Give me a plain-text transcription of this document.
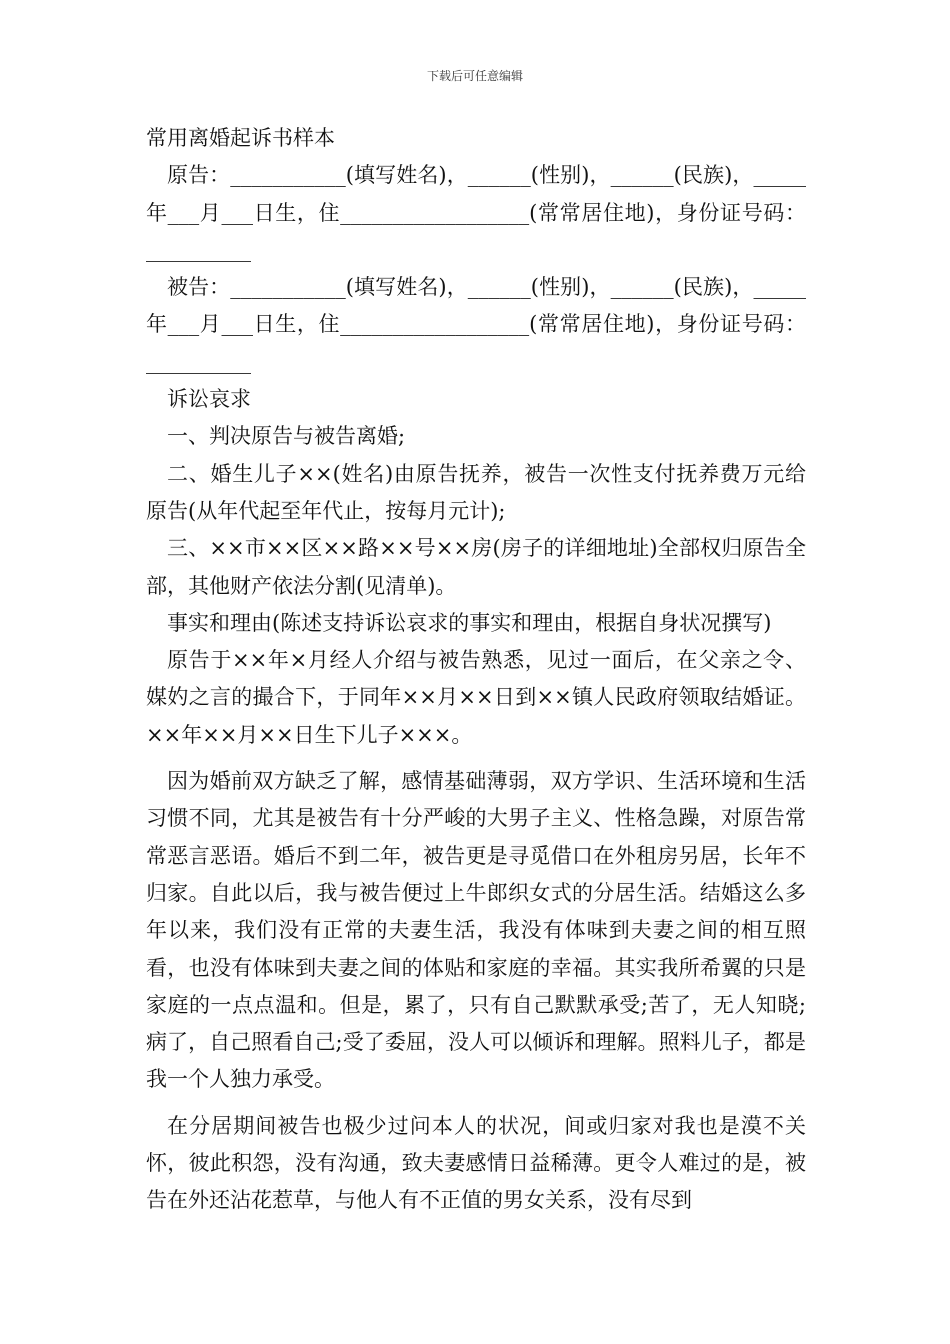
下载后可任意编辑

常用离婚起诉书样本

原告：___________(填写姓名)，______(性别)，______(民族)，_____年___月___日生，住__________________(常常居住地)，身份证号码：__________

被告：___________(填写姓名)，______(性别)，______(民族)，_____年___月___日生，住__________________(常常居住地)，身份证号码：__________

诉讼哀求

一、判决原告与被告离婚;

二、婚生儿子××(姓名)由原告抚养，被告一次性支付抚养费万元给原告(从年代起至年代止，按每月元计);

三、××市××区××路××号××房(房子的详细地址)全部权归原告全部，其他财产依法分割(见清单)。

事实和理由(陈述支持诉讼哀求的事实和理由，根据自身状况撰写)

原告于××年×月经人介绍与被告熟悉，见过一面后，在父亲之令、媒妁之言的撮合下，于同年××月××日到××镇人民政府领取结婚证。××年××月××日生下儿子×××。

因为婚前双方缺乏了解，感情基础薄弱，双方学识、生活环境和生活习惯不同，尤其是被告有十分严峻的大男子主义、性格急躁，对原告常常恶言恶语。婚后不到二年，被告更是寻觅借口在外租房另居，长年不归家。自此以后，我与被告便过上牛郎织女式的分居生活。结婚这么多年以来，我们没有正常的夫妻生活，我没有体味到夫妻之间的相互照看，也没有体味到夫妻之间的体贴和家庭的幸福。其实我所希翼的只是家庭的一点点温和。但是，累了，只有自己默默承受;苦了，无人知晓;病了，自己照看自己;受了委屈，没人可以倾诉和理解。照料儿子，都是我一个人独力承受。

在分居期间被告也极少过问本人的状况，间或归家对我也是漠不关怀，彼此积怨，没有沟通，致夫妻感情日益稀薄。更令人难过的是，被告在外还沾花惹草，与他人有不正值的男女关系，没有尽到
